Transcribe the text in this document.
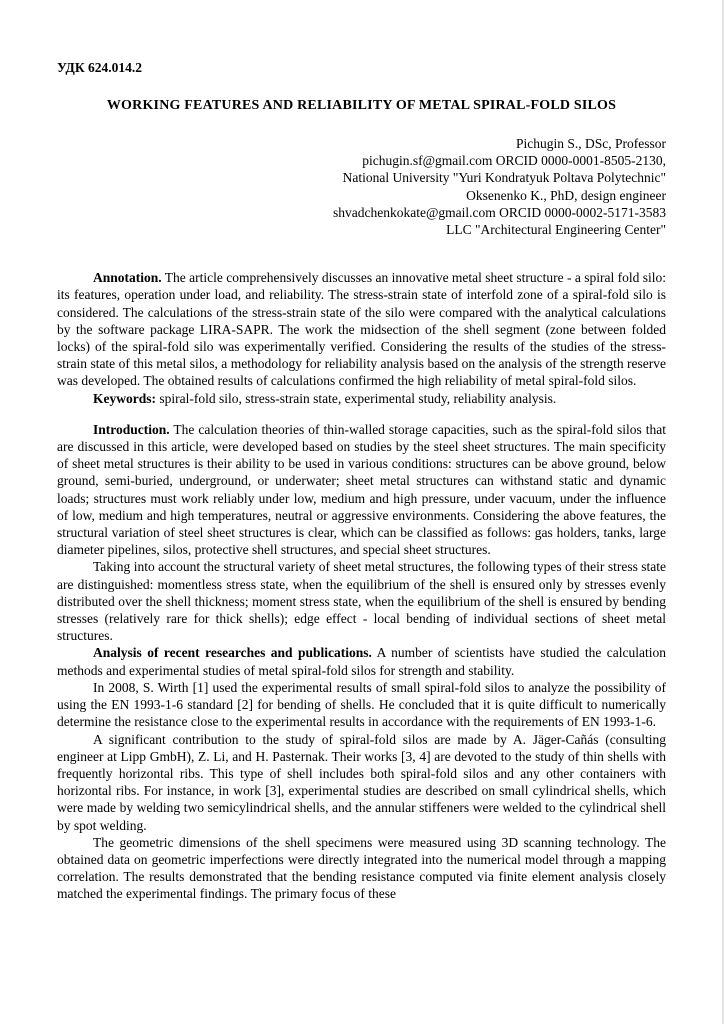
УДК 624.014.2
WORKING FEATURES AND RELIABILITY OF METAL SPIRAL-FOLD SILOS
Pichugin S., DSc, Professor
pichugin.sf@gmail.com ORCID 0000-0001-8505-2130,
National University "Yuri Kondratyuk Poltava Polytechnic"
Oksenenko K., PhD, design engineer
shvadchenkokate@gmail.com ORCID 0000-0002-5171-3583
LLC "Architectural Engineering Center"

Annotation. The article comprehensively discusses an innovative metal sheet structure - a spiral fold silo: its features, operation under load, and reliability. The stress-strain state of interfold zone of a spiral-fold silo is considered. The calculations of the stress-strain state of the silo were compared with the analytical calculations by the software package LIRA-SAPR. The work the midsection of the shell segment (zone between folded locks) of the spiral-fold silo was experimentally verified. Considering the results of the studies of the stress-strain state of this metal silos, a methodology for reliability analysis based on the analysis of the strength reserve was developed. The obtained results of calculations confirmed the high reliability of metal spiral-fold silos.

Keywords: spiral-fold silo, stress-strain state, experimental study, reliability analysis.

Introduction. The calculation theories of thin-walled storage capacities, such as the spiral-fold silos that are discussed in this article, were developed based on studies by the steel sheet structures. The main specificity of sheet metal structures is their ability to be used in various conditions: structures can be above ground, below ground, semi-buried, underground, or underwater; sheet metal structures can withstand static and dynamic loads; structures must work reliably under low, medium and high pressure, under vacuum, under the influence of low, medium and high temperatures, neutral or aggressive environments. Considering the above features, the structural variation of steel sheet structures is clear, which can be classified as follows: gas holders, tanks, large diameter pipelines, silos, protective shell structures, and special sheet structures.

Taking into account the structural variety of sheet metal structures, the following types of their stress state are distinguished: momentless stress state, when the equilibrium of the shell is ensured only by stresses evenly distributed over the shell thickness; moment stress state, when the equilibrium of the shell is ensured by bending stresses (relatively rare for thick shells); edge effect - local bending of individual sections of sheet metal structures.

Analysis of recent researches and publications. A number of scientists have studied the calculation methods and experimental studies of metal spiral-fold silos for strength and stability.

In 2008, S. Wirth [1] used the experimental results of small spiral-fold silos to analyze the possibility of using the EN 1993-1-6 standard [2] for bending of shells. He concluded that it is quite difficult to numerically determine the resistance close to the experimental results in accordance with the requirements of EN 1993-1-6.

A significant contribution to the study of spiral-fold silos are made by A. Jäger-Cañás (consulting engineer at Lipp GmbH), Z. Li, and H. Pasternak. Their works [3, 4] are devoted to the study of thin shells with frequently horizontal ribs. This type of shell includes both spiral-fold silos and any other containers with horizontal ribs. For instance, in work [3], experimental studies are described on small cylindrical shells, which were made by welding two semicylindrical shells, and the annular stiffeners were welded to the cylindrical shell by spot welding.

The geometric dimensions of the shell specimens were measured using 3D scanning technology. The obtained data on geometric imperfections were directly integrated into the numerical model through a mapping correlation. The results demonstrated that the bending resistance computed via finite element analysis closely matched the experimental findings. The primary focus of these
